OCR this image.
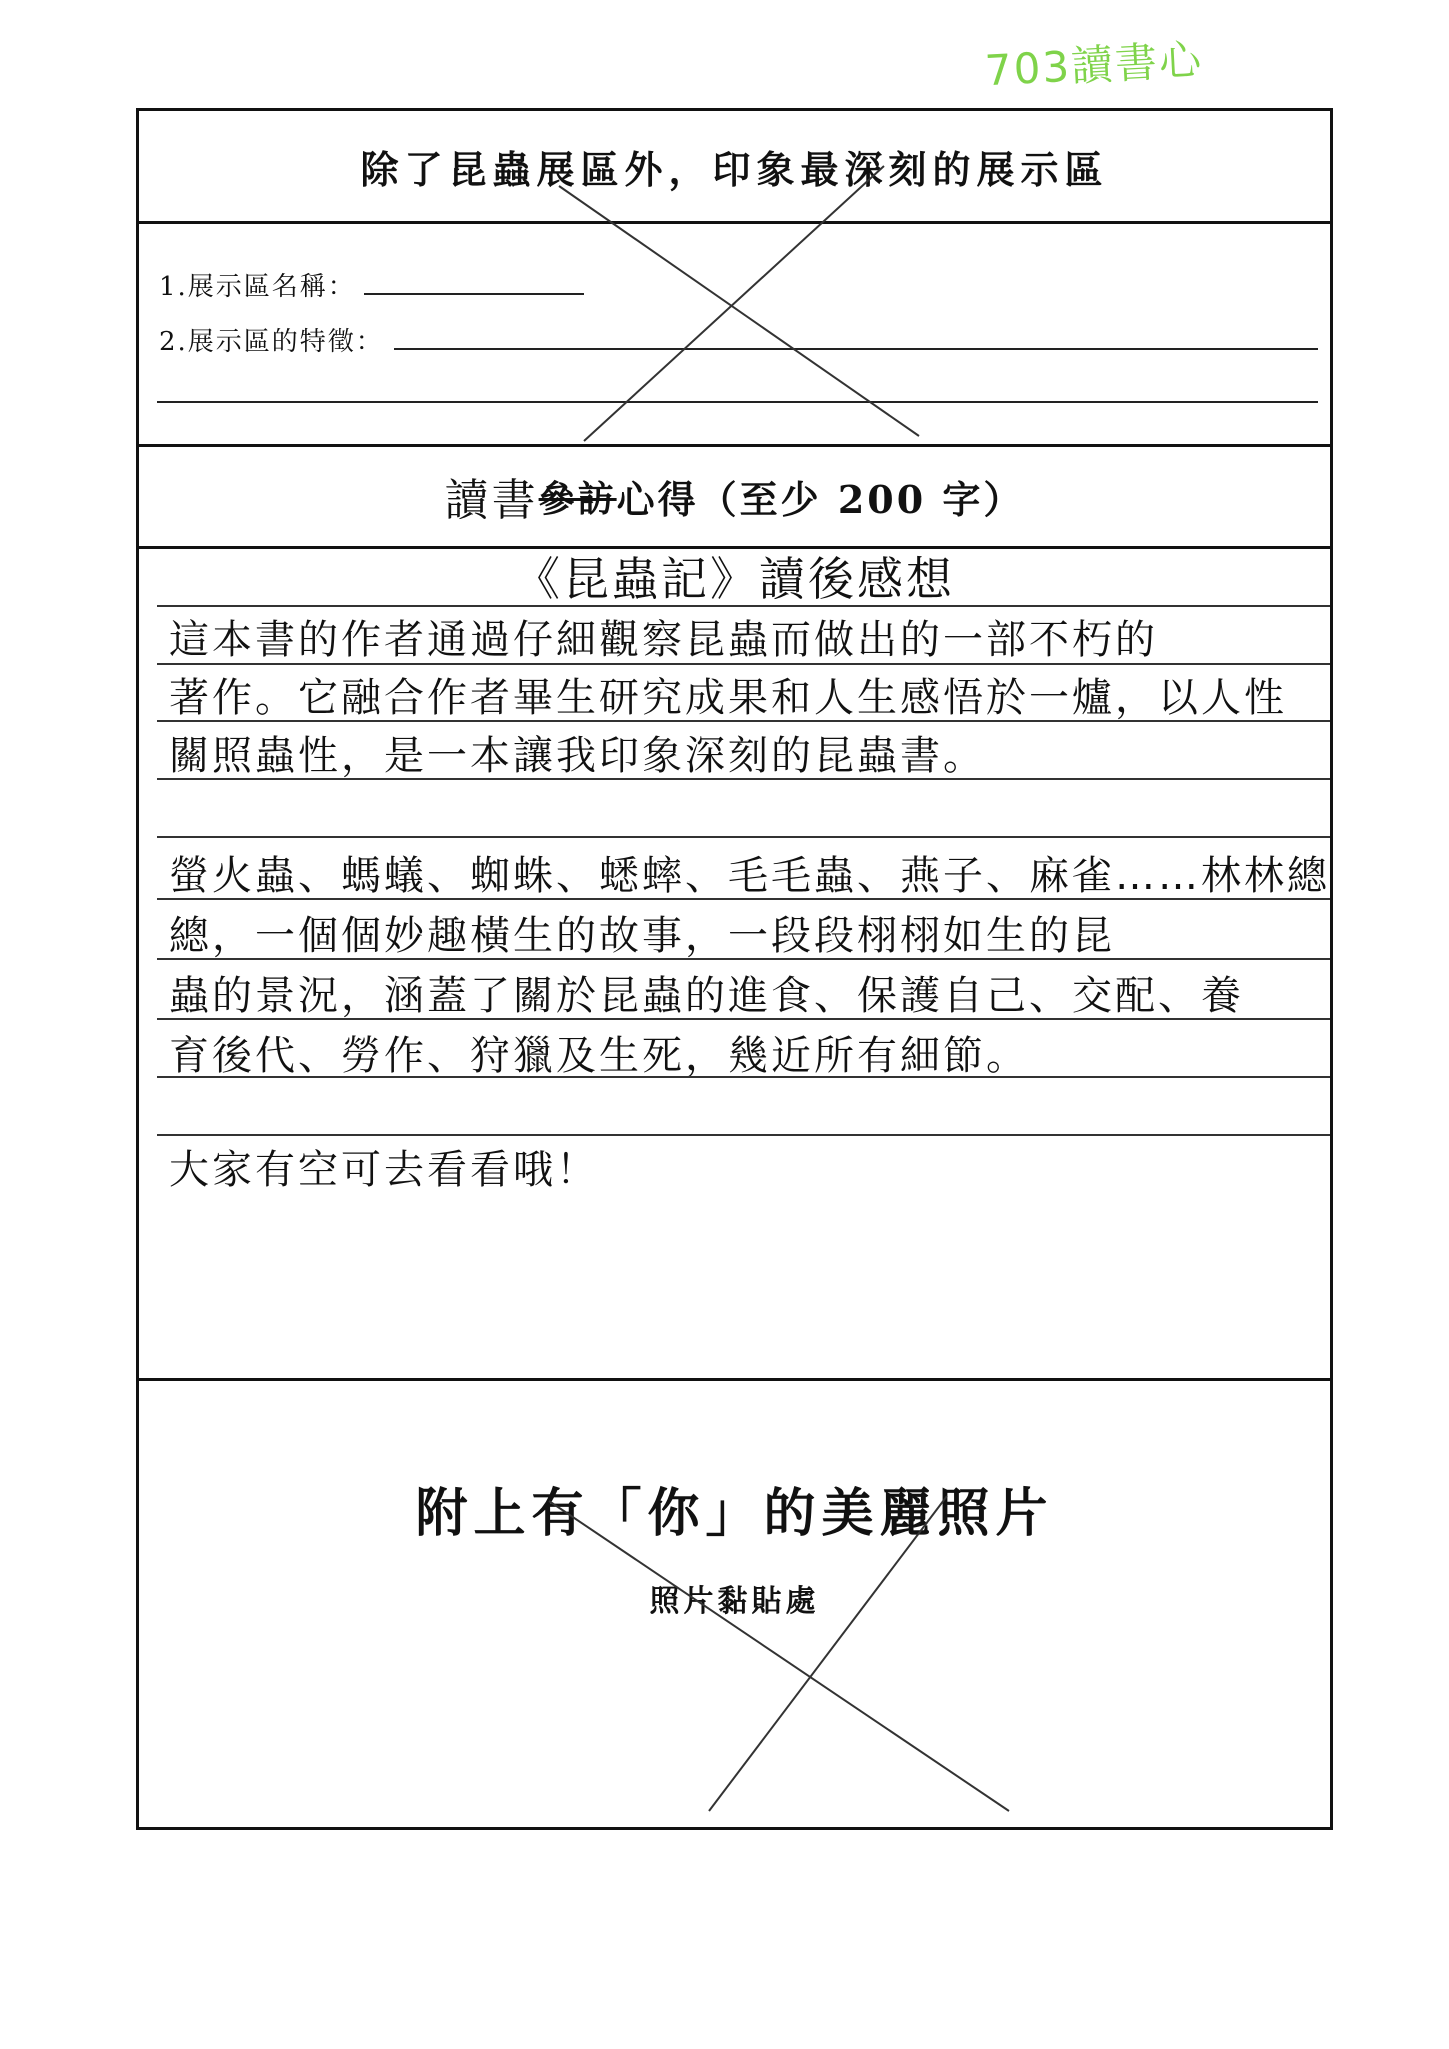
703讀書心
除了昆蟲展區外，印象最深刻的展示區
1.展示區名稱：
2.展示區的特徵：
讀書 參訪 心得（至少 200 字）
《昆蟲記》讀後感想
這本書的作者通過仔細觀察昆蟲而做出的一部不朽的
著作。它融合作者畢生研究成果和人生感悟於一爐，以人性
關照蟲性，是一本讓我印象深刻的昆蟲書。
螢火蟲、螞蟻、蜘蛛、蟋蟀、毛毛蟲、燕子、麻雀……林林總
總，一個個妙趣橫生的故事，一段段栩栩如生的昆
蟲的景況，涵蓋了關於昆蟲的進食、保護自己、交配、養
育後代、勞作、狩獵及生死，幾近所有細節。
大家有空可去看看哦！
附上有「你」的美麗照片
照片黏貼處
